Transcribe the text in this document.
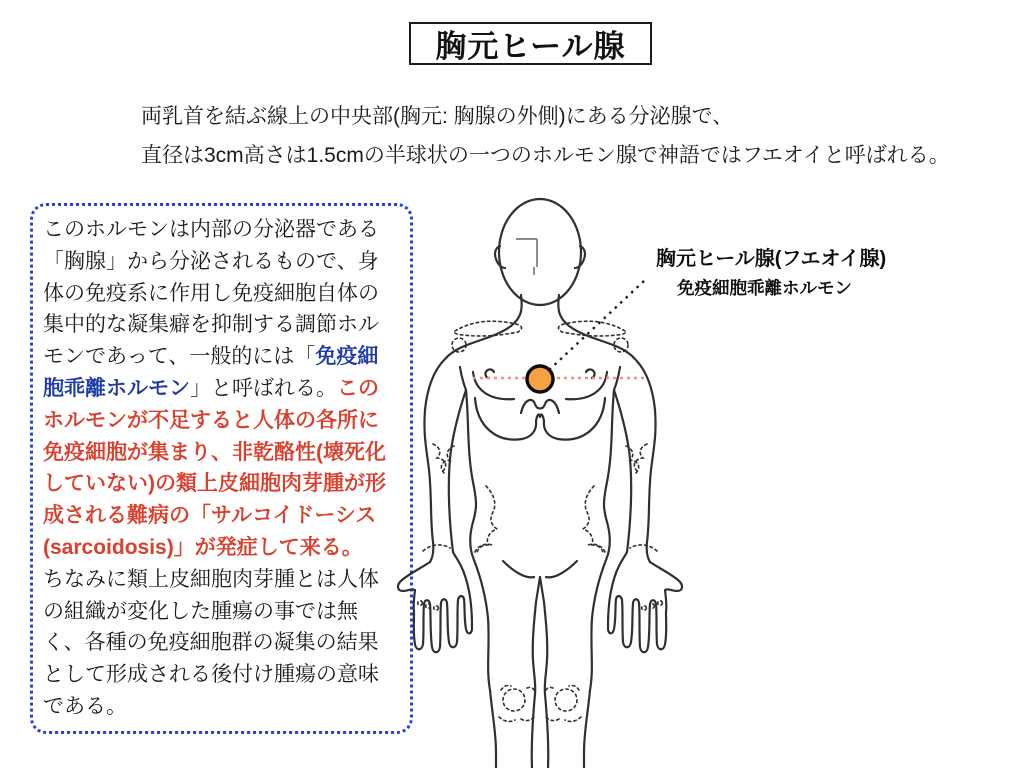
胸元ヒール腺
両乳首を結ぶ線上の中央部(胸元: 胸腺の外側)にある分泌腺で、
直径は3cm高さは1.5cmの半球状の一つのホルモン腺で神語ではフエオイと呼ばれる。
このホルモンは内部の分泌器である
「胸腺」から分泌されるもので、身
体の免疫系に作用し免疫細胞自体の
集中的な凝集癖を抑制する調節ホル
モンであって、一般的には「免疫細
胞乖離ホルモン」と呼ばれる。この
ホルモンが不足すると人体の各所に
免疫細胞が集まり、非乾酪性(壊死化
していない)の類上皮細胞肉芽腫が形
成される難病の「サルコイドーシス
(sarcoidosis)」が発症して来る。
ちなみに類上皮細胞肉芽腫とは人体
の組織が変化した腫瘍の事では無
く、各種の免疫細胞群の凝集の結果
として形成される後付け腫瘍の意味
である。
胸元ヒール腺(フエオイ腺)
免疫細胞乖離ホルモン
